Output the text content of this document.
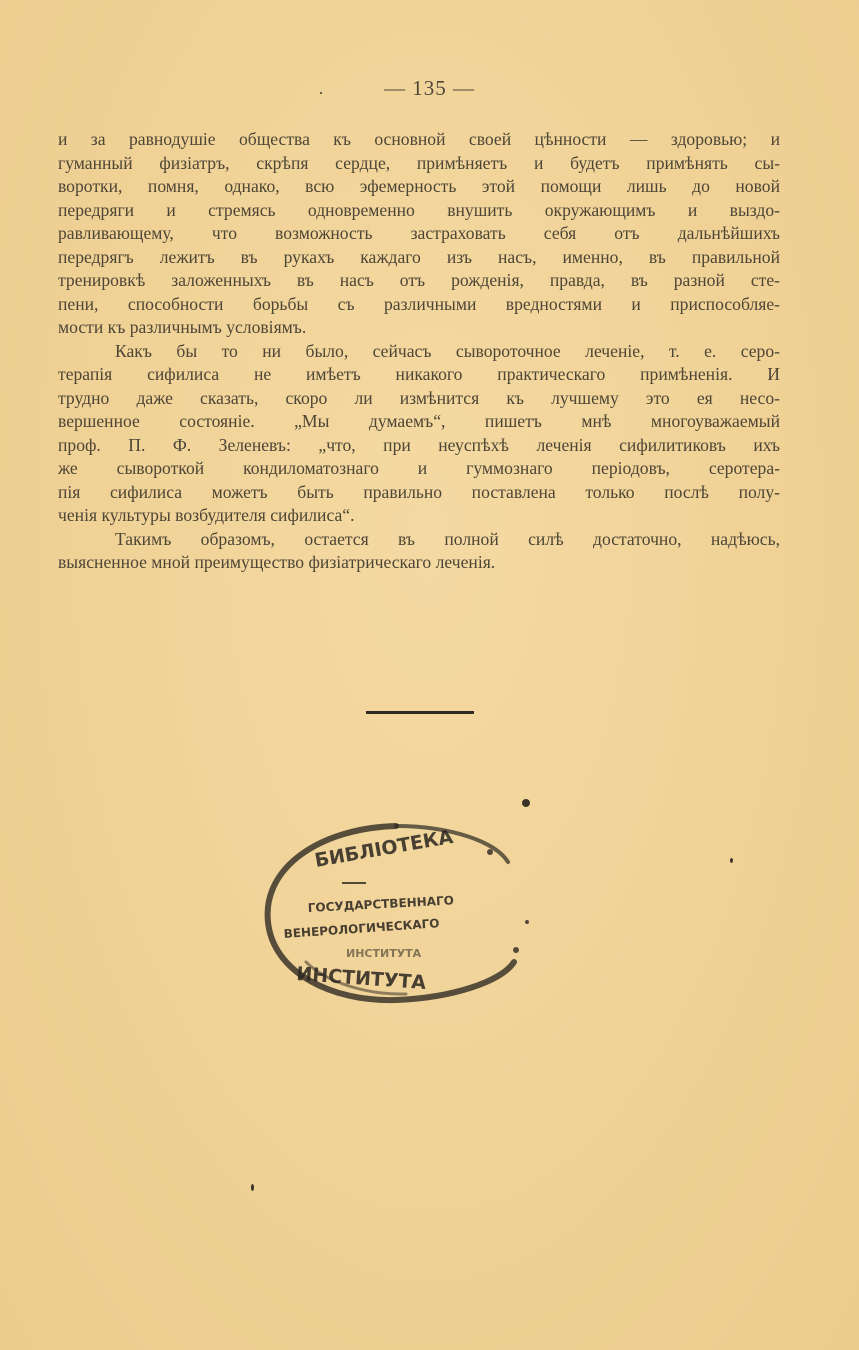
— 135 —
и за равнодушіе общества къ основной своей цѣнности — здоровью; и
гуманный физіатръ, скрѣпя сердце, примѣняетъ и будетъ примѣнять сы-
воротки, помня, однако, всю эфемерность этой помощи лишь до новой
передряги и стремясь одновременно внушить окружающимъ и выздо-
равливающему, что возможность застраховать себя отъ дальнѣйшихъ
передрягъ лежитъ въ рукахъ каждаго изъ насъ, именно, въ правильной
тренировкѣ заложенныхъ въ насъ отъ рожденія, правда, въ разной сте-
пени, способности борьбы съ различными вредностями и приспособляе-
мости къ различнымъ условіямъ.
Какъ бы то ни было, сейчасъ сывороточное леченіе, т. е. серо-
терапія сифилиса не имѣетъ никакого практическаго примѣненія. И
трудно даже сказать, скоро ли измѣнится къ лучшему это ея несо-
вершенное состояніе. „Мы думаемъ“, пишетъ мнѣ многоуважаемый
проф. П. Ф. Зеленевъ: „что, при неуспѣхѣ леченія сифилитиковъ ихъ
же сывороткой кондиломатознаго и гуммознаго періодовъ, серотера-
пія сифилиса можетъ быть правильно поставлена только послѣ полу-
ченія культуры возбудителя сифилиса“.
Такимъ образомъ, остается въ полной силѣ достаточно, надѣюсь,
выясненное мной преимущество физіатрическаго леченія.
БИБЛІОТЕКА
ГОСУДАРСТВЕННАГО
ВЕНЕРОЛОГИЧЕСКАГО
ИНСТИТУТА
ИНСТИТУТА
